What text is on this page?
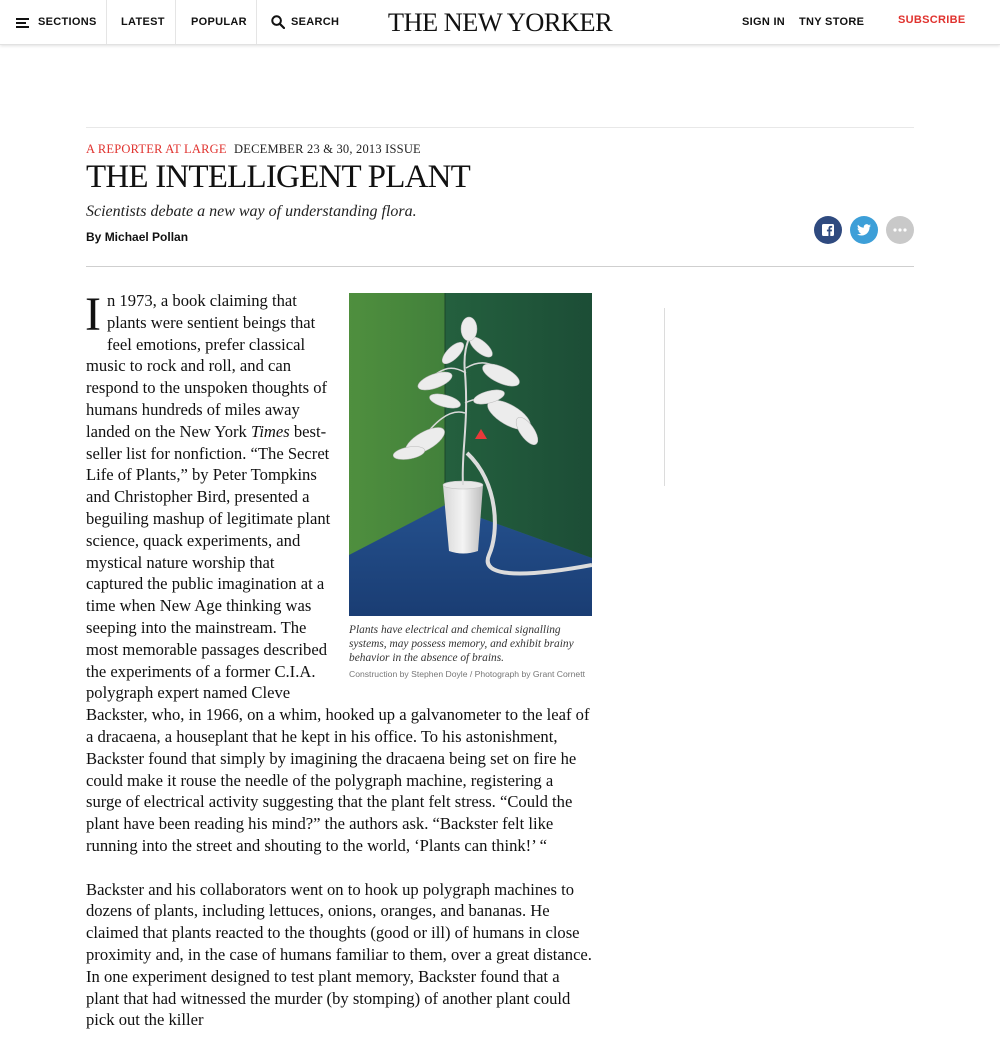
SECTIONS LATEST POPULAR	SEARCH THE NEW YORKER	SIGN IN TNY STORE	SUBSCRIBE
A REPORTER AT LARGE DECEMBER 23 & 30, 2013 ISSUE
THE INTELLIGENT PLANT
Scientists debate a new way of understanding flora.
By Michael Pollan
Plants have electrical and chemical signalling systems, may possess memory, and exhibit brainy behavior in the absence of brains.
Construction by Stephen Doyle / Photograph by Grant Cornett

In 1973, a book claiming that plants were sentient beings that feel emotions, prefer classical music to rock and roll, and can respond to the unspoken thoughts of humans hundreds of miles away landed on the New York Times best-seller list for nonfiction. “The Secret Life of Plants,” by Peter Tompkins and Christopher Bird, presented a beguiling mashup of legitimate plant science, quack experiments, and mystical nature worship that captured the public imagination at a time when New Age thinking was seeping into the mainstream. The most memorable passages described the experiments of a former C.I.A. polygraph expert named Cleve Backster, who, in 1966, on a whim, hooked up a galvanometer to the leaf of a dracaena, a houseplant that he kept in his office. To his astonishment, Backster found that simply by imagining the dracaena being set on fire he could make it rouse the needle of the polygraph machine, registering a surge of electrical activity suggesting that the plant felt stress. “Could the plant have been reading his mind?” the authors ask. “Backster felt like running into the street and shouting to the world, ‘Plants can think!’ “

Backster and his collaborators went on to hook up polygraph machines to dozens of plants, including lettuces, onions, oranges, and bananas. He claimed that plants reacted to the thoughts (good or ill) of humans in close proximity and, in the case of humans familiar to them, over a great distance. In one experiment designed to test plant memory, Backster found that a plant that had witnessed the murder (by stomping) of another plant could pick out the killer
